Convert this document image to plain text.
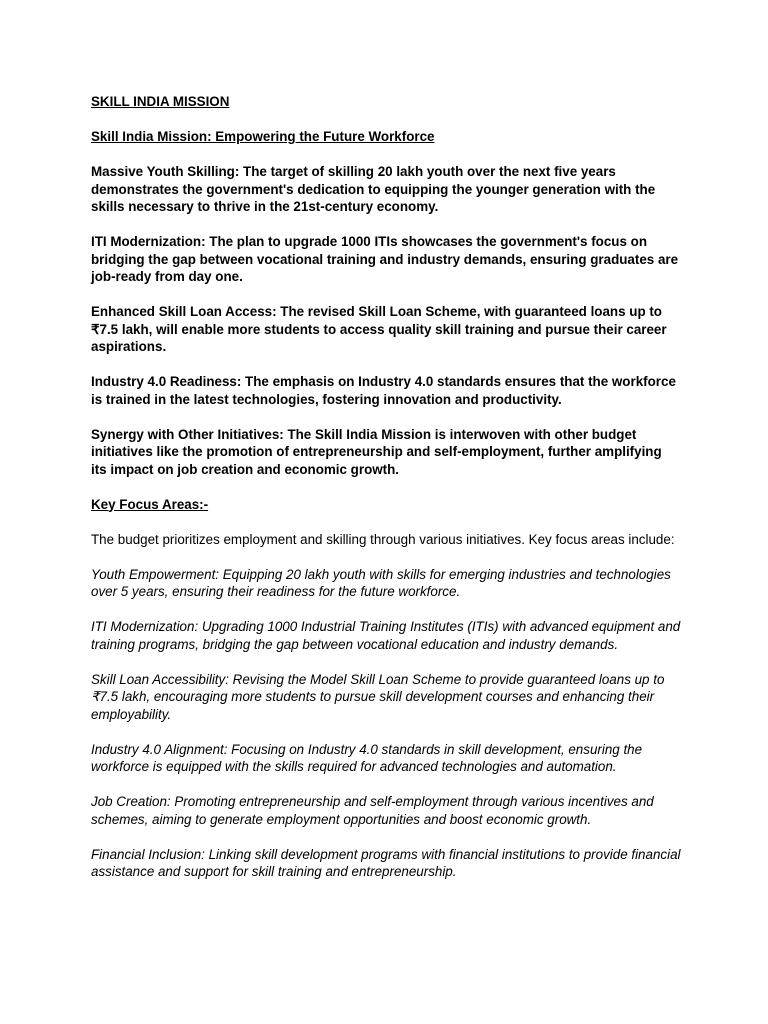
SKILL INDIA MISSION

Skill India Mission: Empowering the Future Workforce

Massive Youth Skilling: The target of skilling 20 lakh youth over the next five years demonstrates the government's dedication to equipping the younger generation with the skills necessary to thrive in the 21st-century economy.

ITI Modernization: The plan to upgrade 1000 ITIs showcases the government's focus on bridging the gap between vocational training and industry demands, ensuring graduates are job-ready from day one.

Enhanced Skill Loan Access: The revised Skill Loan Scheme, with guaranteed loans up to ₹7.5 lakh, will enable more students to access quality skill training and pursue their career aspirations.

Industry 4.0 Readiness: The emphasis on Industry 4.0 standards ensures that the workforce is trained in the latest technologies, fostering innovation and productivity.

Synergy with Other Initiatives: The Skill India Mission is interwoven with other budget initiatives like the promotion of entrepreneurship and self-employment, further amplifying its impact on job creation and economic growth.

Key Focus Areas:-

The budget prioritizes employment and skilling through various initiatives. Key focus areas include:

Youth Empowerment: Equipping 20 lakh youth with skills for emerging industries and technologies over 5 years, ensuring their readiness for the future workforce.

ITI Modernization: Upgrading 1000 Industrial Training Institutes (ITIs) with advanced equipment and training programs, bridging the gap between vocational education and industry demands.

Skill Loan Accessibility: Revising the Model Skill Loan Scheme to provide guaranteed loans up to ₹7.5 lakh, encouraging more students to pursue skill development courses and enhancing their employability.

Industry 4.0 Alignment: Focusing on Industry 4.0 standards in skill development, ensuring the workforce is equipped with the skills required for advanced technologies and automation.

Job Creation: Promoting entrepreneurship and self-employment through various incentives and schemes, aiming to generate employment opportunities and boost economic growth.

Financial Inclusion: Linking skill development programs with financial institutions to provide financial assistance and support for skill training and entrepreneurship.
